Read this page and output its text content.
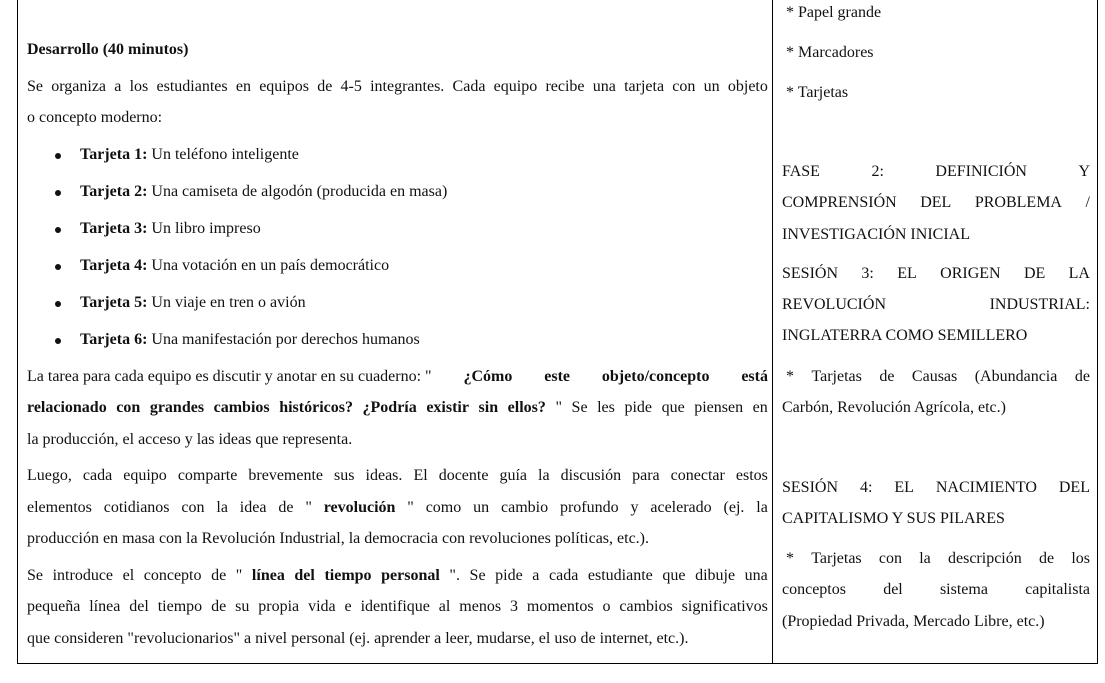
Desarrollo (40 minutos)
Se organiza a los estudiantes en equipos de 4-5 integrantes. Cada equipo recibe una tarjeta con un objeto
o concepto moderno:
Tarjeta 1: Un teléfono inteligente
Tarjeta 2: Una camiseta de algodón (producida en masa)
Tarjeta 3: Un libro impreso
Tarjeta 4: Una votación en un país democrático
Tarjeta 5: Un viaje en tren o avión
Tarjeta 6: Una manifestación por derechos humanos
La tarea para cada equipo es discutir y anotar en su cuaderno: " ¿Cómo este objeto/concepto está
relacionado con grandes cambios históricos? ¿Podría existir sin ellos? " Se les pide que piensen en
la producción, el acceso y las ideas que representa.
Luego, cada equipo comparte brevemente sus ideas. El docente guía la discusión para conectar estos
elementos cotidianos con la idea de " revolución " como un cambio profundo y acelerado (ej. la
producción en masa con la Revolución Industrial, la democracia con revoluciones políticas, etc.).
Se introduce el concepto de " línea del tiempo personal ". Se pide a cada estudiante que dibuje una
pequeña línea del tiempo de su propia vida e identifique al menos 3 momentos o cambios significativos
que consideren "revolucionarios" a nivel personal (ej. aprender a leer, mudarse, el uso de internet, etc.).
* Papel grande
* Marcadores
* Tarjetas
FASE	2:	DEFINICIÓN	Y
COMPRENSIÓN DEL PROBLEMA /
INVESTIGACIÓN INICIAL
SESIÓN 3: EL ORIGEN DE LA
REVOLUCIÓN	INDUSTRIAL:
INGLATERRA COMO SEMILLERO
* Tarjetas de Causas (Abundancia de
Carbón, Revolución Agrícola, etc.)
SESIÓN 4: EL NACIMIENTO DEL
CAPITALISMO Y SUS PILARES
* Tarjetas con la descripción de los
conceptos del sistema capitalista
(Propiedad Privada, Mercado Libre, etc.)
